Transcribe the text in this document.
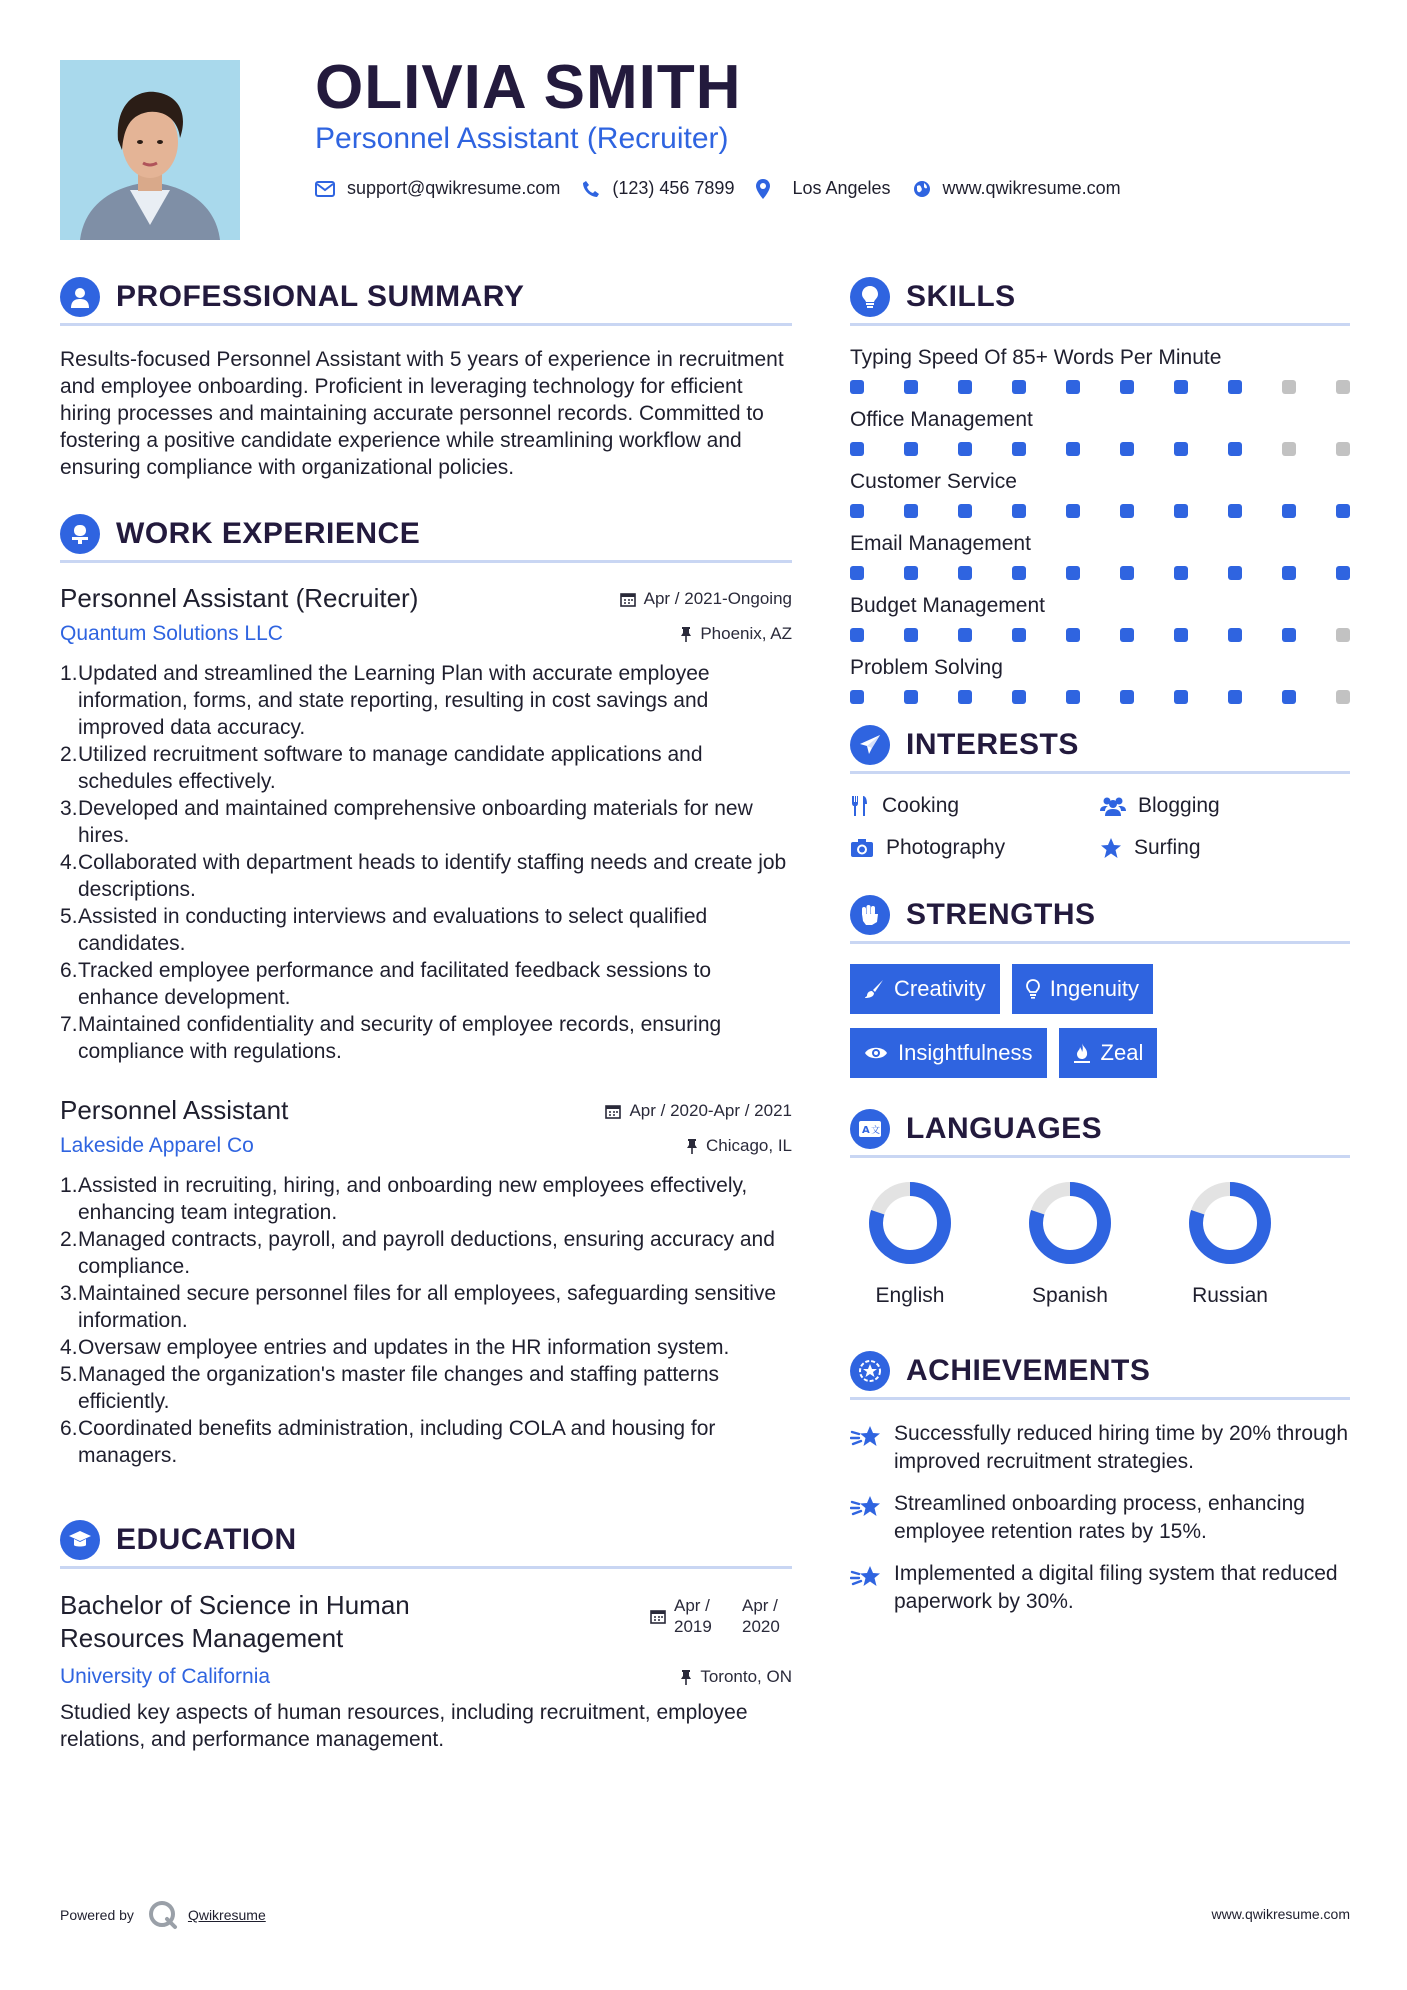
OLIVIA SMITH
Personnel Assistant (Recruiter)
support@qwikresume.com	(123) 456 7899	Los Angeles	www.qwikresume.com
PROFESSIONAL SUMMARY
Results-focused Personnel Assistant with 5 years of experience in recruitment and employee onboarding. Proficient in leveraging technology for efficient hiring processes and maintaining accurate personnel records. Committed to fostering a positive candidate experience while streamlining workflow and ensuring compliance with organizational policies.
WORK EXPERIENCE
Personnel Assistant (Recruiter)	Apr / 2021-Ongoing
Quantum Solutions LLC	Phoenix, AZ
Updated and streamlined the Learning Plan with accurate employee information, forms, and state reporting, resulting in cost savings and improved data accuracy.
Utilized recruitment software to manage candidate applications and schedules effectively.
Developed and maintained comprehensive onboarding materials for new hires.
Collaborated with department heads to identify staffing needs and create job descriptions.
Assisted in conducting interviews and evaluations to select qualified candidates.
Tracked employee performance and facilitated feedback sessions to enhance development.
Maintained confidentiality and security of employee records, ensuring compliance with regulations.
Personnel Assistant	Apr / 2020-Apr / 2021
Lakeside Apparel Co	Chicago, IL
Assisted in recruiting, hiring, and onboarding new employees effectively, enhancing team integration.
Managed contracts, payroll, and payroll deductions, ensuring accuracy and compliance.
Maintained secure personnel files for all employees, safeguarding sensitive information.
Oversaw employee entries and updates in the HR information system.
Managed the organization's master file changes and staffing patterns efficiently.
Coordinated benefits administration, including COLA and housing for managers.
EDUCATION
Bachelor of Science in Human
Resources Management
Apr / 2019
Apr / 2020
University of California	Toronto, ON
Studied key aspects of human resources, including recruitment, employee relations, and performance management.
SKILLS
Typing Speed Of 85+ Words Per Minute
Office Management
Customer Service
Email Management
Budget Management
Problem Solving
INTERESTS
Cooking	Blogging
Photography	Surfing
STRENGTHS
Creativity	Ingenuity
Insightfulness	Zeal
A 文 LANGUAGES
English	Spanish	Russian
ACHIEVEMENTS
Successfully reduced hiring time by 20% through improved recruitment strategies.
Streamlined onboarding process, enhancing employee retention rates by 15%.
Implemented a digital filing system that reduced paperwork by 30%.
Powered by	Qwikresume	www.qwikresume.com
